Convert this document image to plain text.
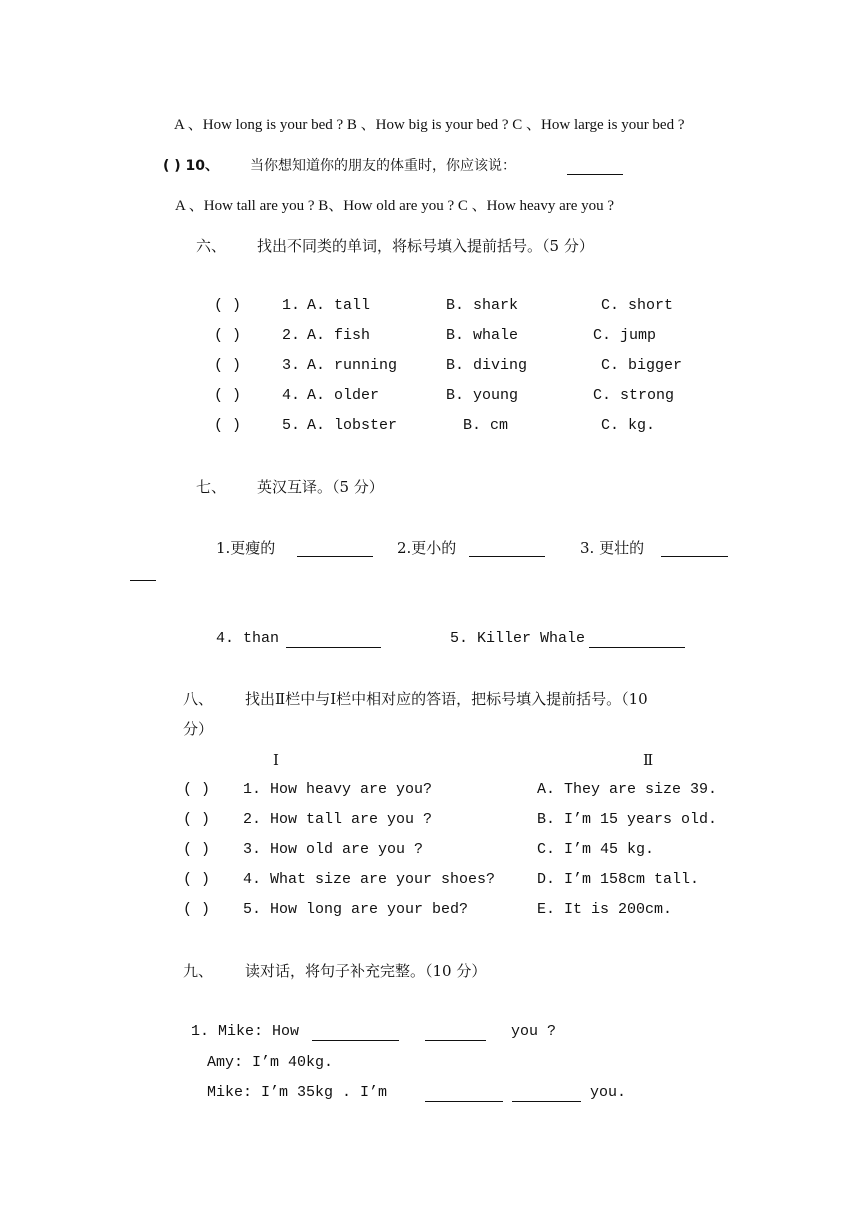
A 、How long is your bed ? B 、How big is your bed ? C 、How large is your bed ?
( ) 10、 当你想知道你的朋友的体重时，你应该说：
A 、How tall are you ? B、How old are you ? C 、How heavy are you ?
六、 找出不同类的单词，将标号填入提前括号。（5 分）
( )	1. A. tall	B. shark	C. short
( )	2. A. fish	B. whale	C. jump
( )	3. A. running	B. diving	C. bigger
( )	4. A. older	B. young	C. strong
( )	5. A. lobster	B. cm	C. kg.
七、 英汉互译。（5 分）
1.更瘦的	2.更小的	3. 更壮的
4. than	5. Killer Whale
八、 找出Ⅱ栏中与Ⅰ栏中相对应的答语，把标号填入提前括号。（10
分）
Ⅰ	Ⅱ
( ) 1. How heavy are you?	A. They are size 39.
( ) 2. How tall are you ?	B. I’m 15 years old.
( ) 3. How old are you ?	C. I’m 45 kg.
( ) 4. What size are your shoes?	D. I’m 158cm tall.
( ) 5. How long are your bed?	E. It is 200cm.
九、 读对话，将句子补充完整。（10 分）
1. Mike: How	you ?
Amy: I’m 40kg.
Mike: I’m 35kg . I’m	you.
